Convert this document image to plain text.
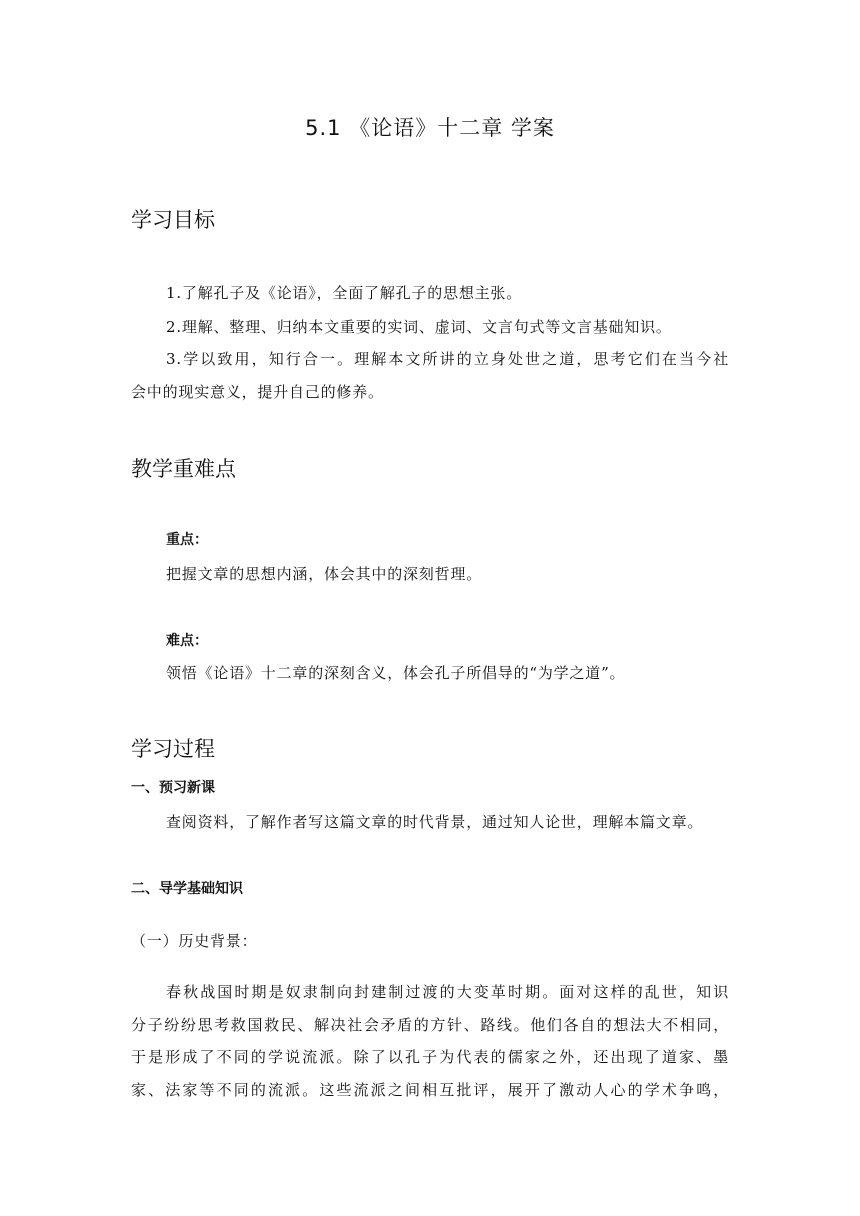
5.1 《论语》十二章 学案
学习目标
1.了解孔子及《论语》，全面了解孔子的思想主张。
2.理解、整理、归纳本文重要的实词、虚词、文言句式等文言基础知识。
3.学以致用，知行合一。理解本文所讲的立身处世之道，思考它们在当今社
会中的现实意义，提升自己的修养。
教学重难点
重点：
把握文章的思想内涵，体会其中的深刻哲理。
难点：
领悟《论语》十二章的深刻含义，体会孔子所倡导的“为学之道”。
学习过程
一、预习新课
查阅资料，了解作者写这篇文章的时代背景，通过知人论世，理解本篇文章。
二、导学基础知识
（一）历史背景：
春秋战国时期是奴隶制向封建制过渡的大变革时期。面对这样的乱世，知识
分子纷纷思考救国救民、解决社会矛盾的方针、路线。他们各自的想法大不相同，
于是形成了不同的学说流派。除了以孔子为代表的儒家之外，还出现了道家、墨
家、法家等不同的流派。这些流派之间相互批评，展开了激动人心的学术争鸣，
